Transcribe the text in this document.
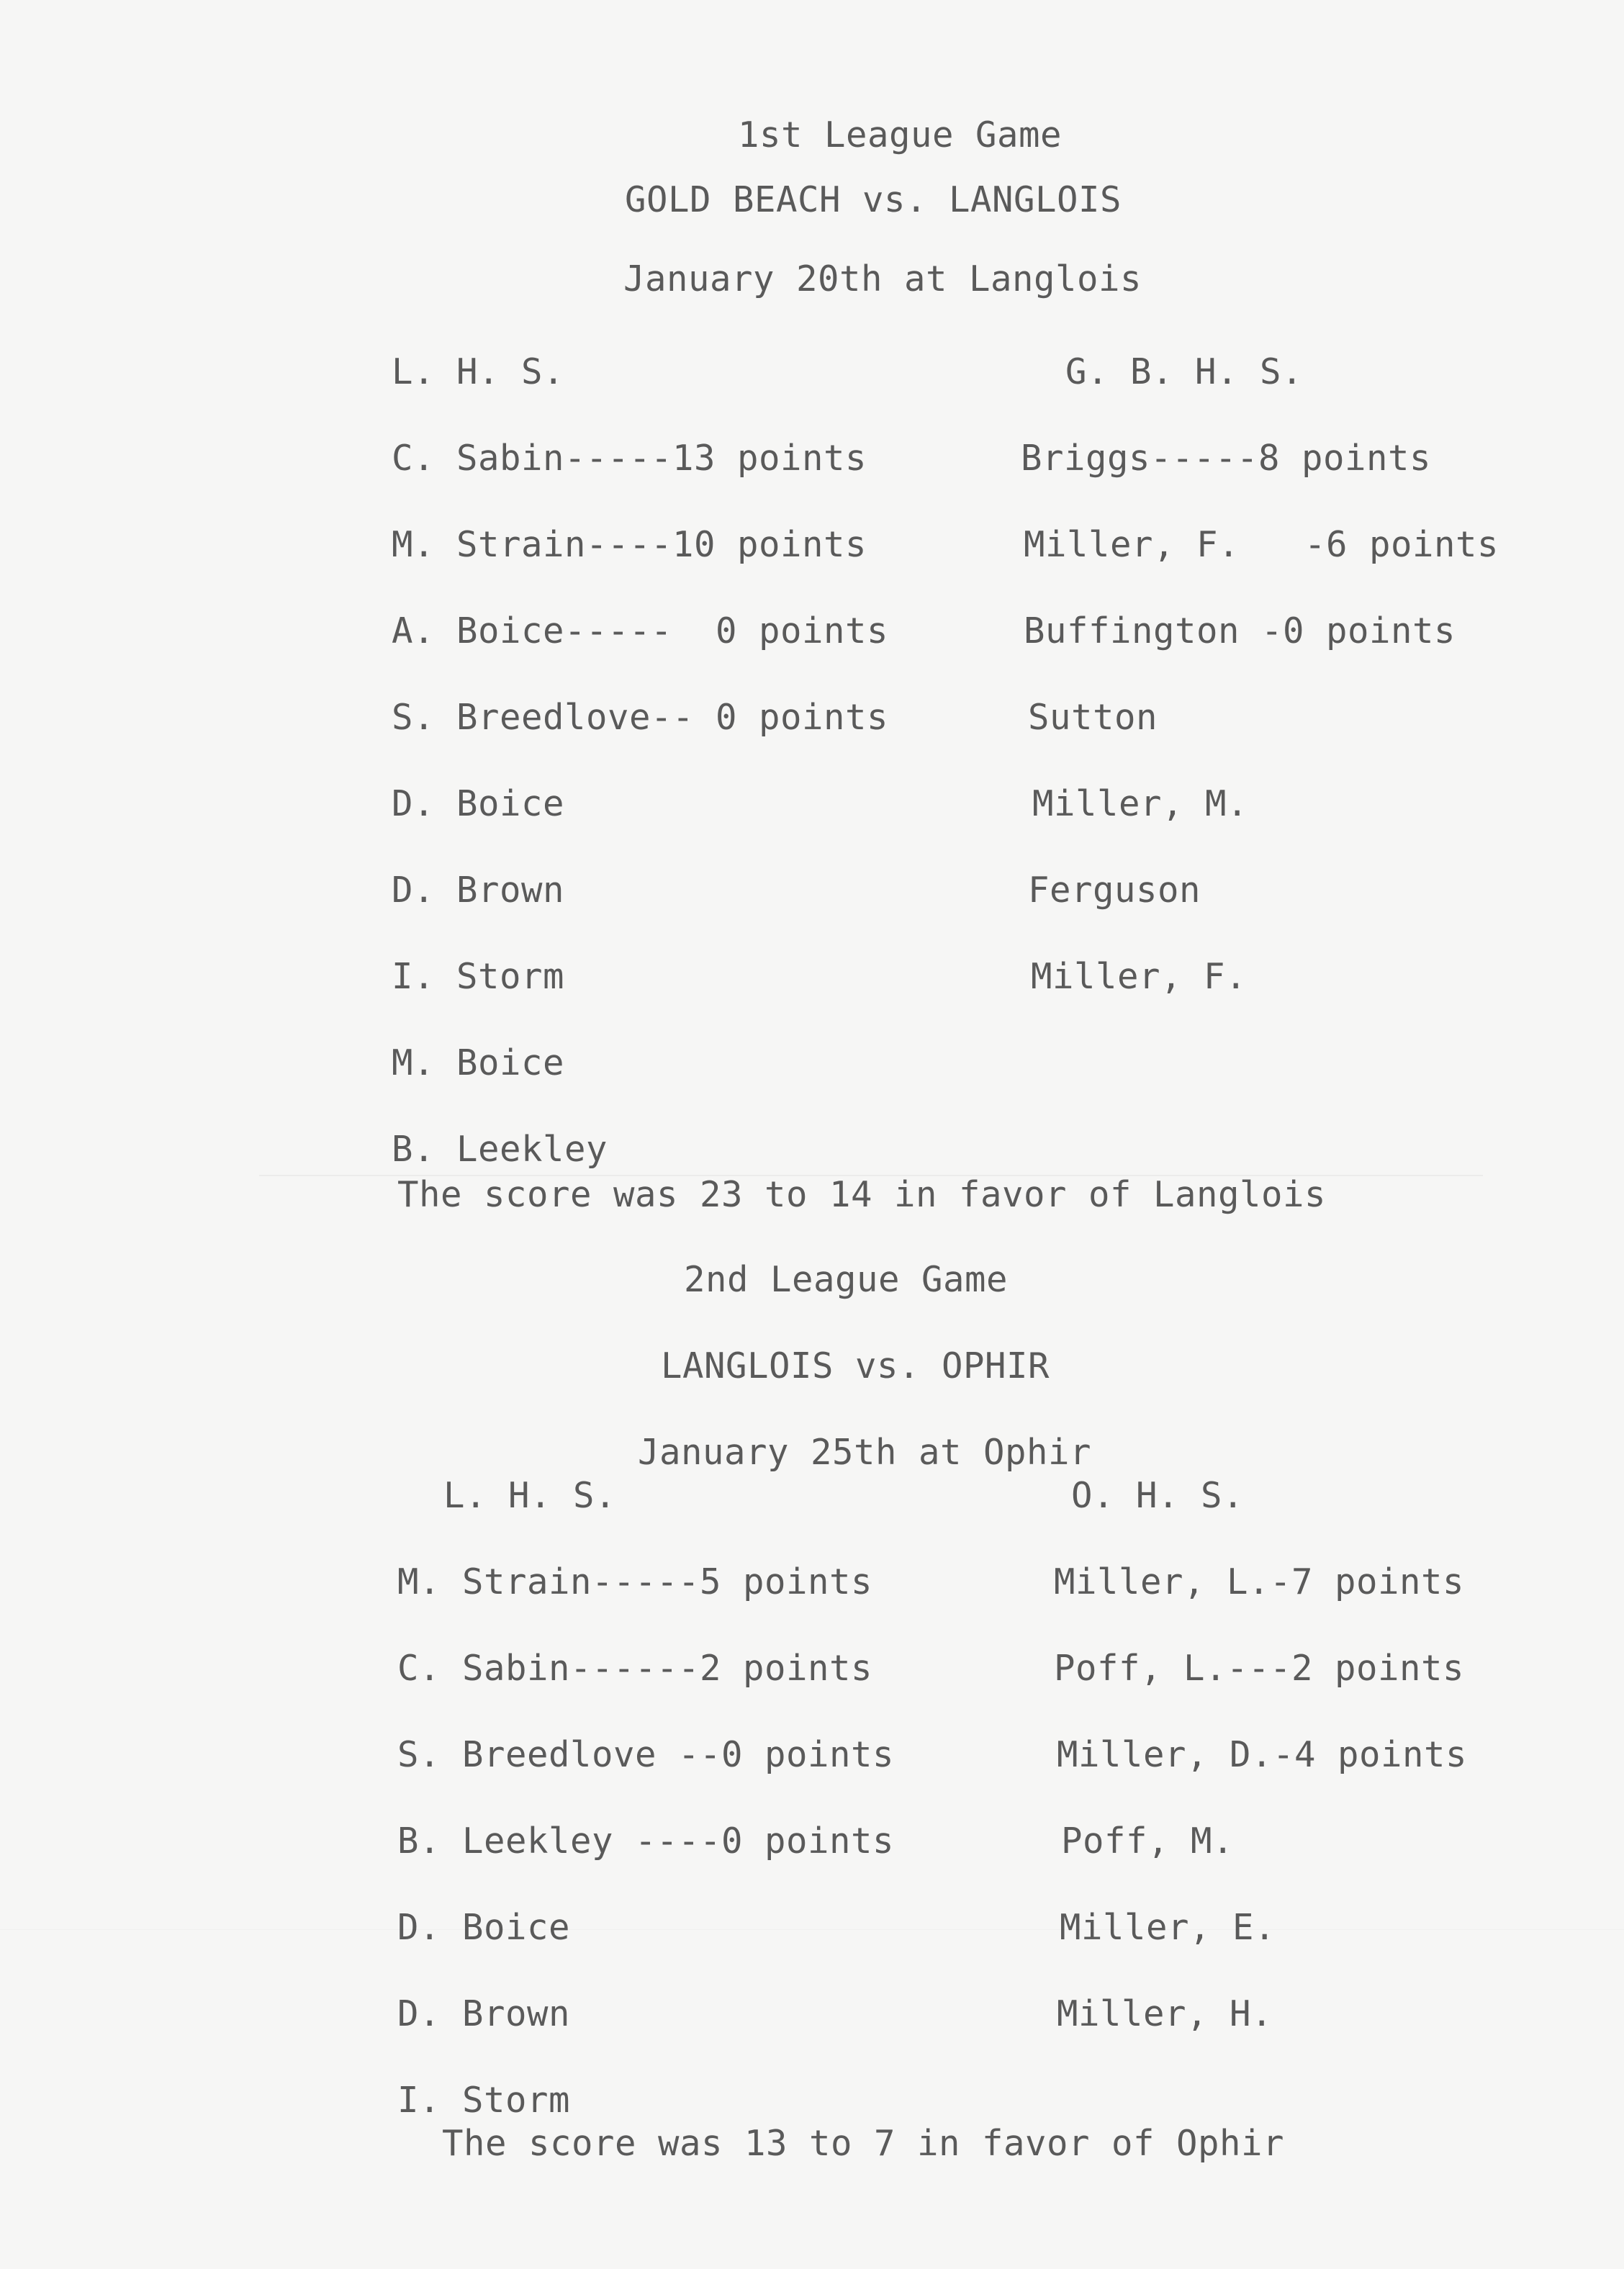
1st League Game
GOLD BEACH vs. LANGLOIS
January 20th at Langlois
L. H. S.	G. B. H. S.
C. Sabin-----13 points
M. Strain----10 points
A. Boice-----  0 points
S. Breedlove-- 0 points
D. Boice
D. Brown
I. Storm
M. Boice
B. Leekley
Briggs-----8 points
Miller, F.   -6 points
Buffington -0 points
Sutton
Miller, M.
Ferguson
Miller, F.
The score was 23 to 14 in favor of Langlois
2nd League Game
LANGLOIS vs. OPHIR
January 25th at Ophir
L. H. S.	O. H. S.
M. Strain-----5 points
C. Sabin------2 points
S. Breedlove --0 points
B. Leekley ----0 points
D. Boice
D. Brown
I. Storm
Miller, L.-7 points
Poff, L.---2 points
Miller, D.-4 points
Poff, M.
Miller, E.
Miller, H.
The score was 13 to 7 in favor of Ophir
